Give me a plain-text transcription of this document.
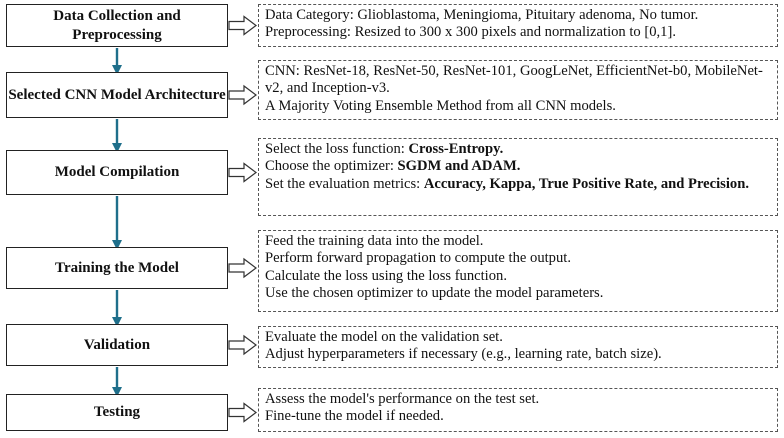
Data Collection and Preprocessing
Data Category: Glioblastoma, Meningioma, Pituitary adenoma, No tumor.
Preprocessing: Resized to 300 x 300 pixels and normalization to [0,1].
Selected CNN Model Architecture
CNN: ResNet-18, ResNet-50, ResNet-101, GoogLeNet, EfficientNet-b0, MobileNet-v2, and Inception-v3.
A Majority Voting Ensemble Method from all CNN models.
Model Compilation
Select the loss function: Cross-Entropy.
Choose the optimizer: SGDM and ADAM.
Set the evaluation metrics: Accuracy, Kappa, True Positive Rate, and Precision.
Training the Model
Feed the training data into the model.
Perform forward propagation to compute the output.
Calculate the loss using the loss function.
Use the chosen optimizer to update the model parameters.
Validation	Evaluate the model on the validation set.
Adjust hyperparameters if necessary (e.g., learning rate, batch size).
Testing
Assess the model's performance on the test set.
Fine-tune the model if needed.
